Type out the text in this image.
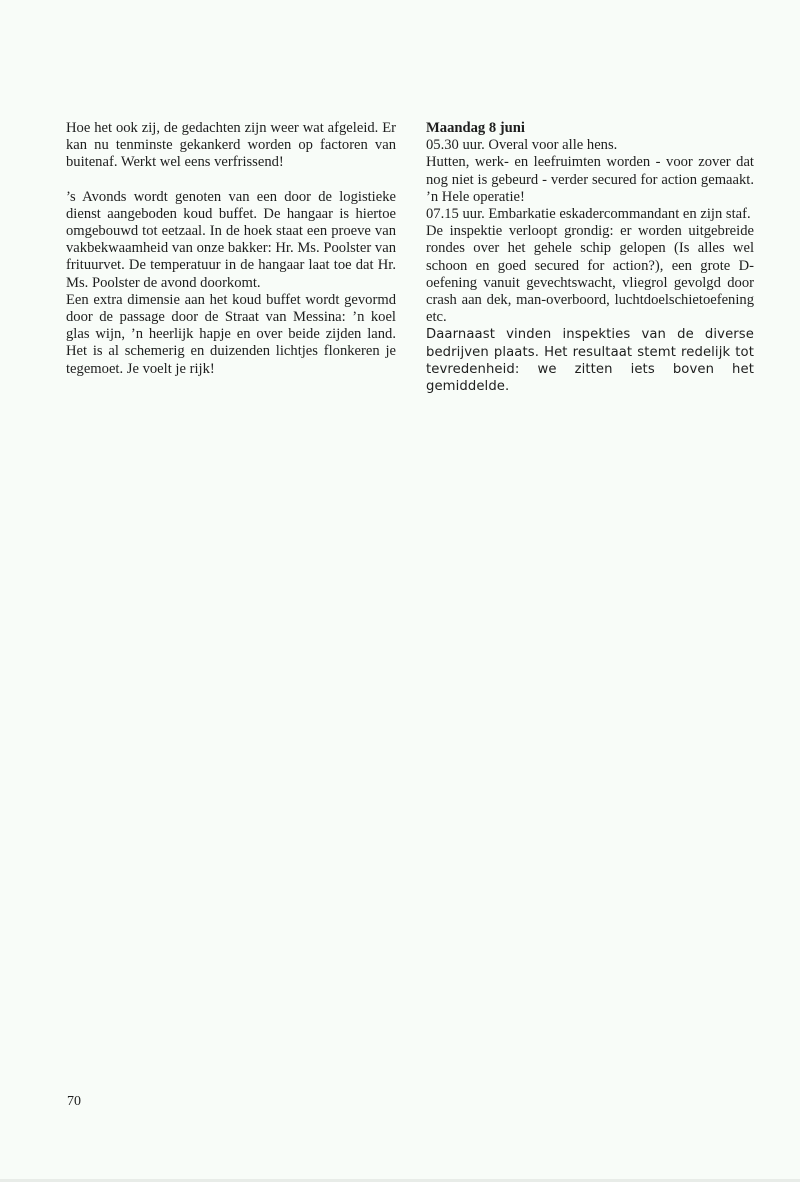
Hoe het ook zij, de gedachten zijn weer wat afgeleid. Er kan nu tenminste gekankerd worden op factoren van buitenaf. Werkt wel eens verfrissend!

’s Avonds wordt genoten van een door de logistieke dienst aangeboden koud buffet. De hangaar is hiertoe omgebouwd tot eetzaal. In de hoek staat een proeve van vakbekwaamheid van onze bakker: Hr. Ms. Poolster van frituurvet. De temperatuur in de hangaar laat toe dat Hr. Ms. Poolster de avond doorkomt.

Een extra dimensie aan het koud buffet wordt gevormd door de passage door de Straat van Messina: ’n koel glas wijn, ’n heerlijk hapje en over beide zijden land. Het is al schemerig en duizenden lichtjes flonkeren je tegemoet. Je voelt je rijk!

Maandag 8 juni

05.30 uur. Overal voor alle hens.

Hutten, werk- en leefruimten worden - voor zover dat nog niet is gebeurd - verder secured for action gemaakt. ’n Hele operatie!

07.15 uur. Embarkatie eskadercommandant en zijn staf.

De inspektie verloopt grondig: er worden uitgebreide rondes over het gehele schip gelopen (Is alles wel schoon en goed secured for action?), een grote D-oefening vanuit gevechtswacht, vliegrol gevolgd door crash aan dek, man-overboord, luchtdoelschietoefening etc.

Daarnaast vinden inspekties van de diverse bedrijven plaats. Het resultaat stemt redelijk tot tevredenheid: we zitten iets boven het gemiddelde.

70
